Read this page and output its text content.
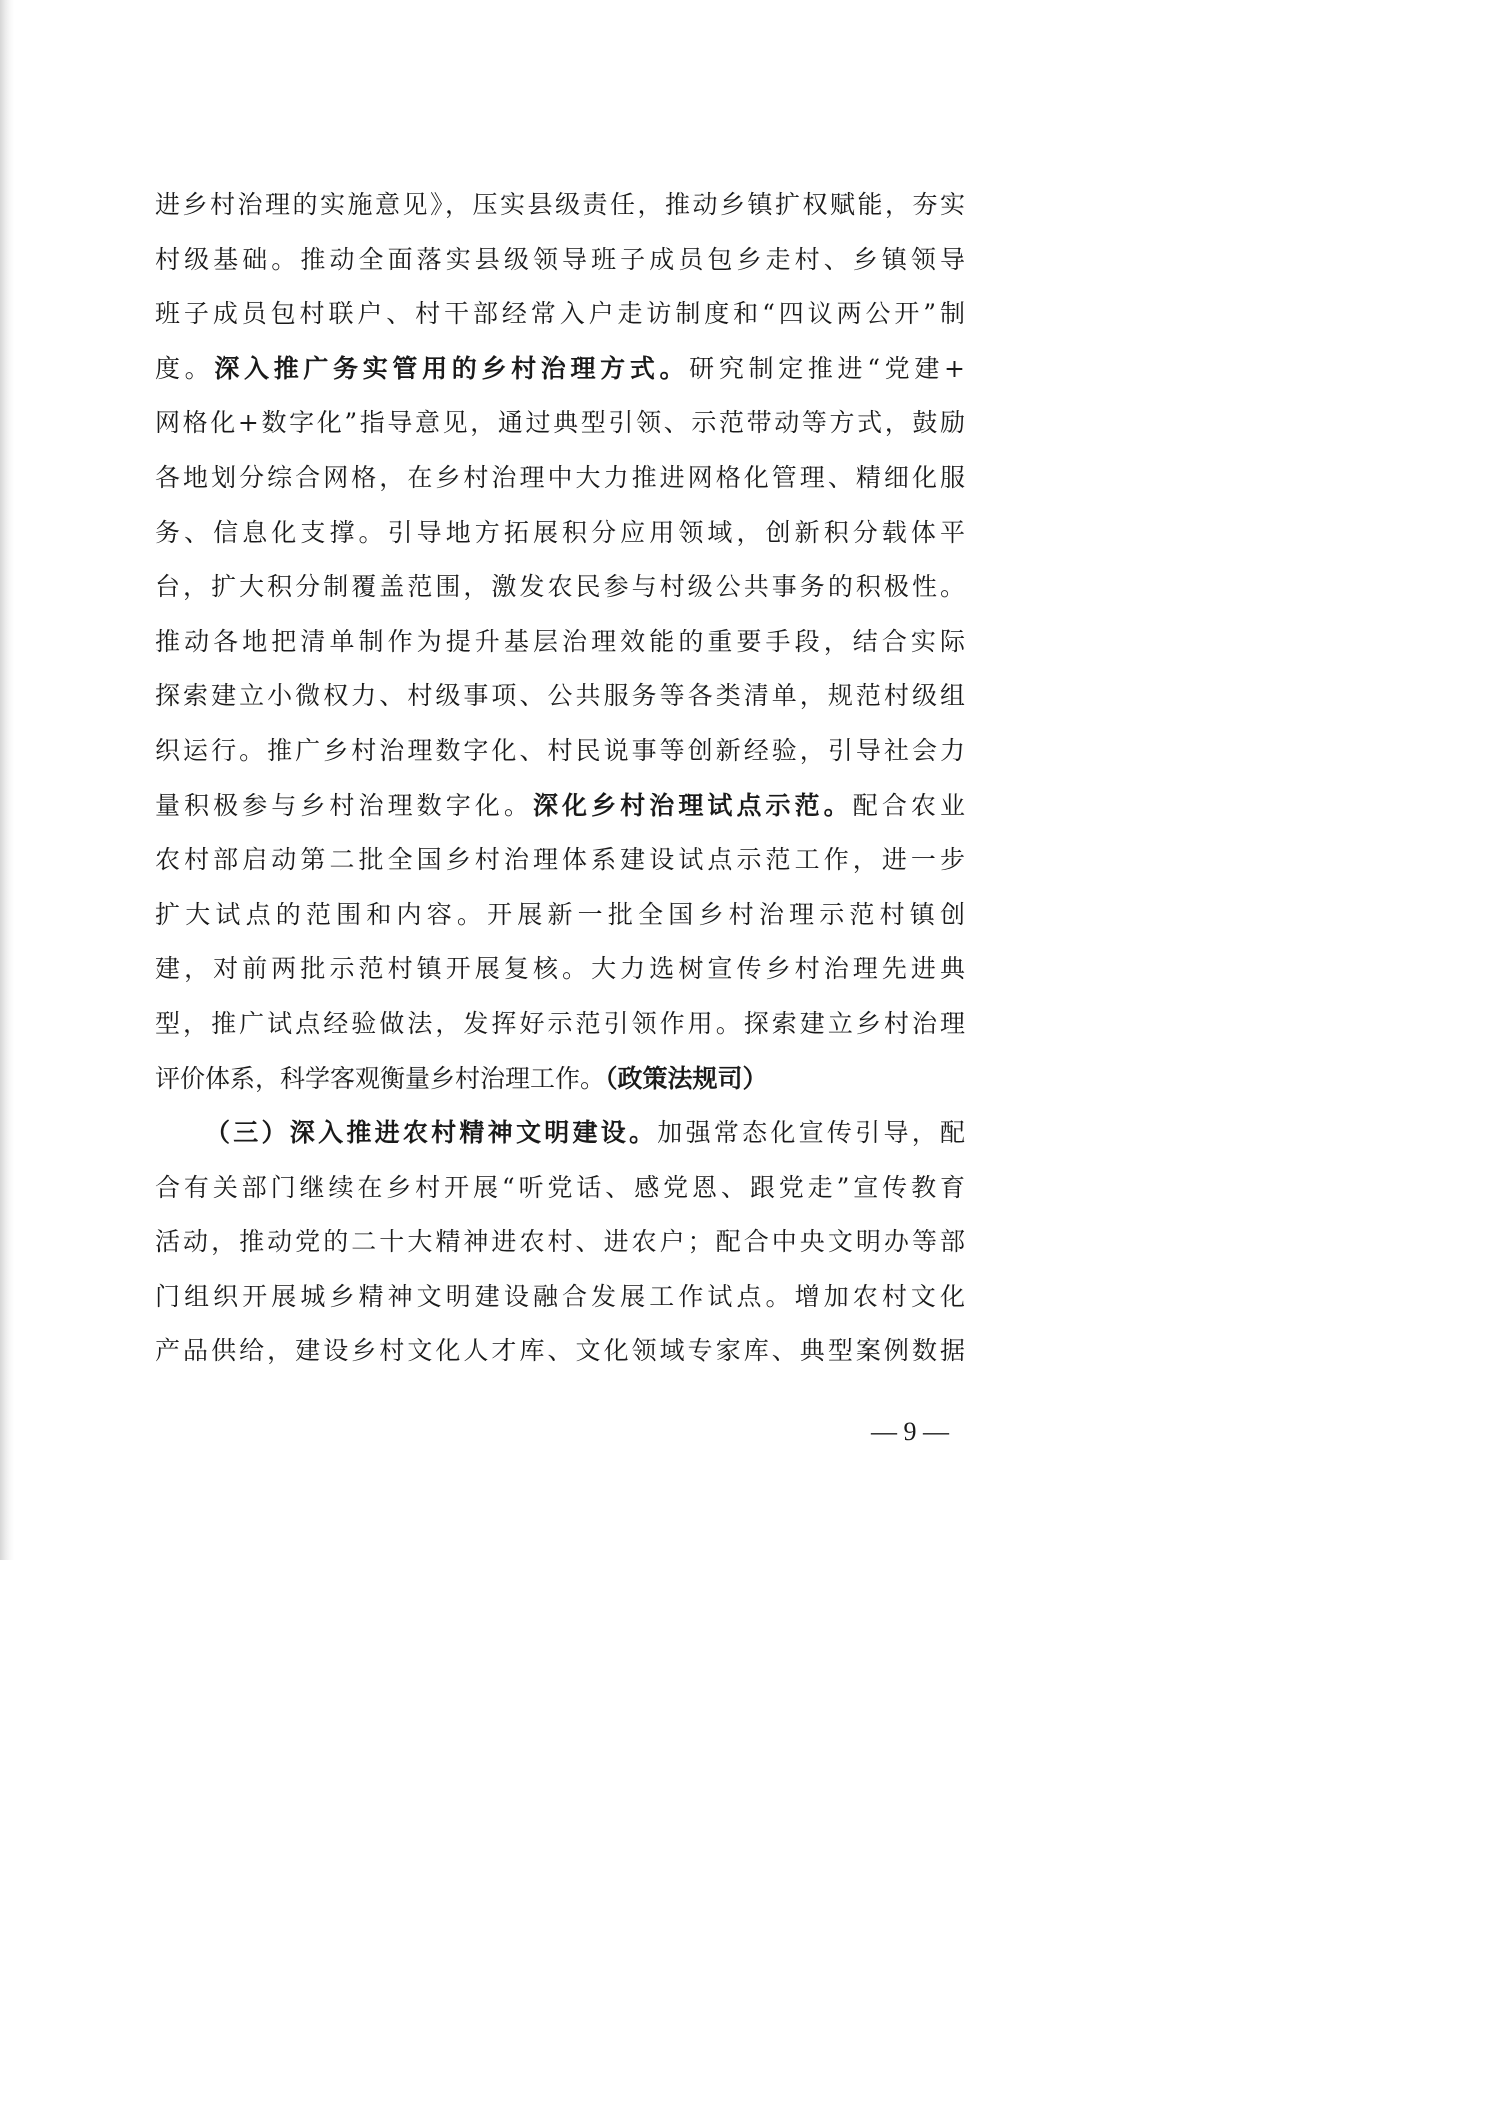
进乡村治理的实施意见》，压实县级责任，推动乡镇扩权赋能，夯实
村级基础。推动全面落实县级领导班子成员包乡走村、乡镇领导
班子成员包村联户、村干部经常入户走访制度和“四议两公开”制
度。深入推广务实管用的乡村治理方式。研究制定推进“党建+
网格化+数字化”指导意见，通过典型引领、示范带动等方式，鼓励
各地划分综合网格，在乡村治理中大力推进网格化管理、精细化服
务、信息化支撑。引导地方拓展积分应用领域，创新积分载体平
台，扩大积分制覆盖范围，激发农民参与村级公共事务的积极性。
推动各地把清单制作为提升基层治理效能的重要手段，结合实际
探索建立小微权力、村级事项、公共服务等各类清单，规范村级组
织运行。推广乡村治理数字化、村民说事等创新经验，引导社会力
量积极参与乡村治理数字化。深化乡村治理试点示范。配合农业
农村部启动第二批全国乡村治理体系建设试点示范工作，进一步
扩大试点的范围和内容。开展新一批全国乡村治理示范村镇创
建，对前两批示范村镇开展复核。大力选树宣传乡村治理先进典
型，推广试点经验做法，发挥好示范引领作用。探索建立乡村治理
评价体系，科学客观衡量乡村治理工作。（政策法规司）
（三）深入推进农村精神文明建设。加强常态化宣传引导，配
合有关部门继续在乡村开展“听党话、感党恩、跟党走”宣传教育
活动，推动党的二十大精神进农村、进农户；配合中央文明办等部
门组织开展城乡精神文明建设融合发展工作试点。增加农村文化
产品供给，建设乡村文化人才库、文化领域专家库、典型案例数据
— 9 —
